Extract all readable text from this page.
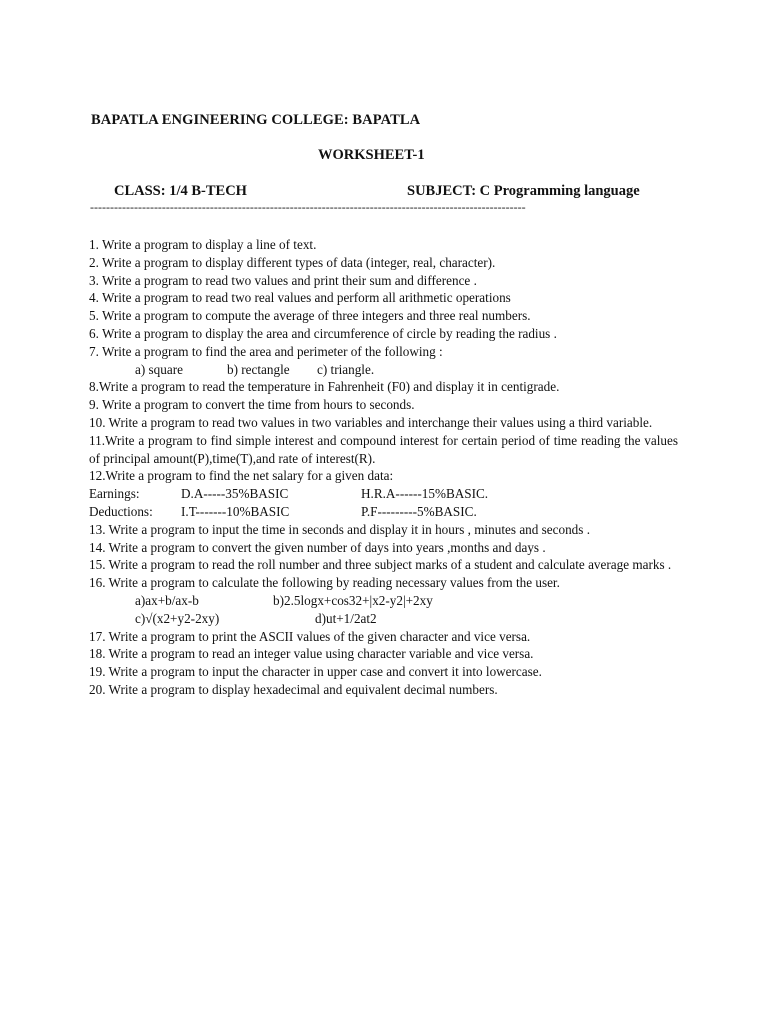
BAPATLA ENGINEERING COLLEGE: BAPATLA
WORKSHEET-1
CLASS: 1/4 B-TECH	SUBJECT: C Programming language
-------------------------------------------------------------------------------------------------------------

1. Write a program to display a line of text.

2. Write a program to display different types of data (integer, real, character).

3. Write a program to read two values and print their sum and difference .

4. Write a program to read two real values and perform all arithmetic operations

5. Write a program to compute the average of three integers and three real numbers.

6. Write a program to display the area and circumference of circle by reading the radius .

7. Write a program to find the area and perimeter of the following :

a) square	b) rectangle	c) triangle.

8.Write a program to read the temperature in Fahrenheit (F0) and display it in centigrade.

9. Write a program to convert the time from hours to seconds.

10. Write a program to read two values in two variables and interchange their values using a third variable.

11.Write a program to find simple interest and compound interest for certain period of time reading the values of principal amount(P),time(T),and rate of interest(R).

12.Write a program to find the net salary for a given data:

Earnings:	D.A-----35%BASIC	H.R.A------15%BASIC.
Deductions:	I.T-------10%BASIC	P.F---------5%BASIC.

13. Write a program to input the time in seconds and display it in hours , minutes and seconds .

14. Write a program to convert the given number of days into years ,months and days .

15. Write a program to read the roll number and three subject marks of a student and calculate average marks .

16. Write a program to calculate the following by reading necessary values from the user.

a)ax+b/ax-b	b)2.5logx+cos32+|x2-y2|+2xy
c)√(x2+y2-2xy)	d)ut+1/2at2

17. Write a program to print the ASCII values of the given character and vice versa.

18. Write a program to read an integer value using character variable and vice versa.

19. Write a program to input the character in upper case and convert it into lowercase.

20. Write a program to display hexadecimal and equivalent decimal numbers.
